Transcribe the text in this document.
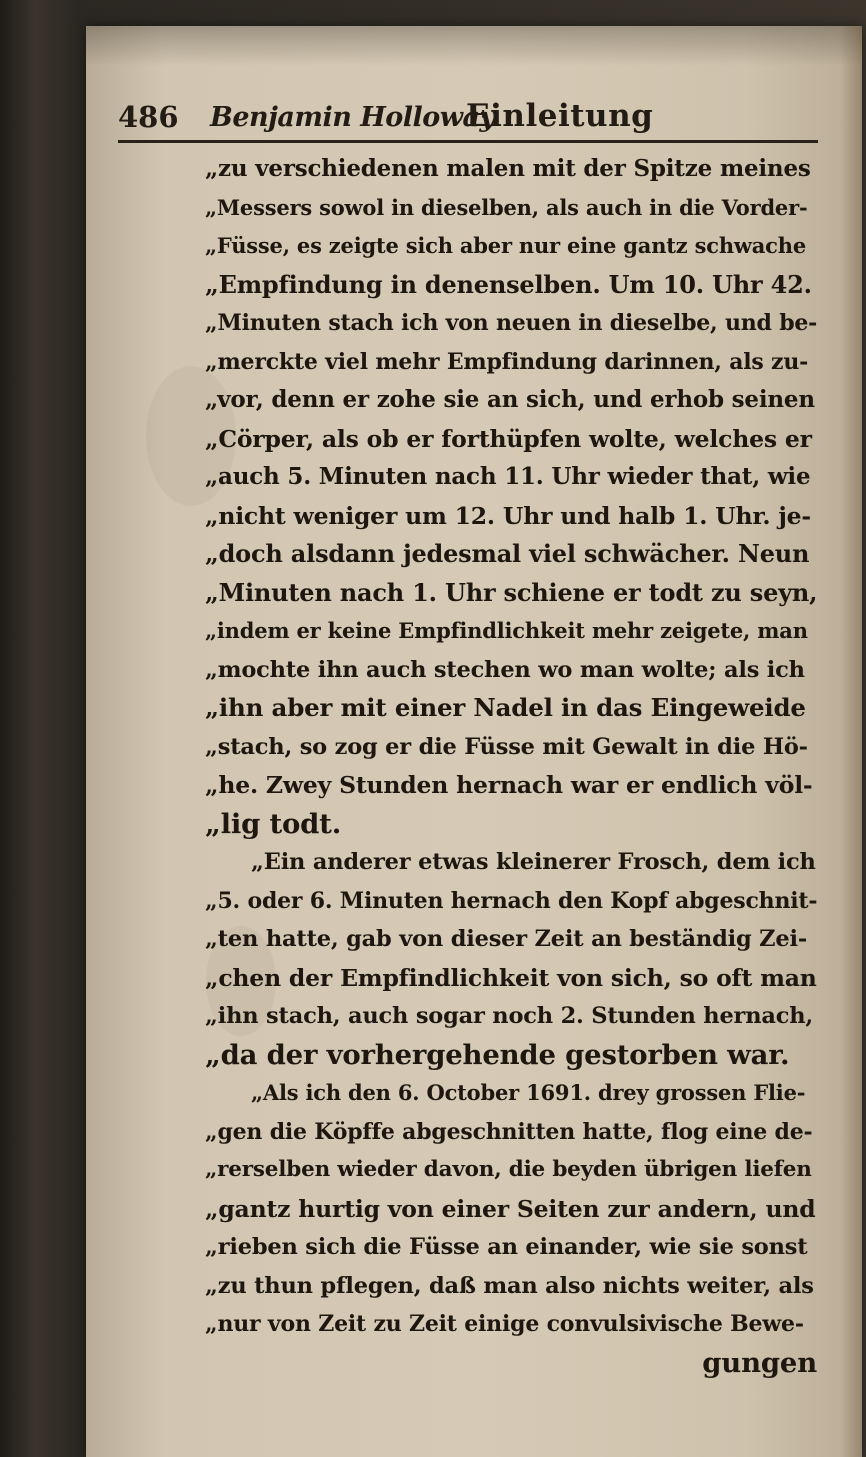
486 Benjamin Holloway
Einleitung
„zu verschiedenen malen mit der Spitze meines
„Messers sowol in dieselben, als auch in die Vorder-
„Füsse, es zeigte sich aber nur eine gantz schwache
„Empfindung in denenselben. Um 10. Uhr 42.
„Minuten stach ich von neuen in dieselbe, und be-
„merckte viel mehr Empfindung darinnen, als zu-
„vor, denn er zohe sie an sich, und erhob seinen
„Cörper, als ob er forthüpfen wolte, welches er
„auch 5. Minuten nach 11. Uhr wieder that, wie
„nicht weniger um 12. Uhr und halb 1. Uhr. je-
„doch alsdann jedesmal viel schwächer. Neun
„Minuten nach 1. Uhr schiene er todt zu seyn,
„indem er keine Empfindlichkeit mehr zeigete, man
„mochte ihn auch stechen wo man wolte; als ich
„ihn aber mit einer Nadel in das Eingeweide
„stach, so zog er die Füsse mit Gewalt in die Hö-
„he. Zwey Stunden hernach war er endlich völ-
„lig todt.
„Ein anderer etwas kleinerer Frosch, dem ich
„5. oder 6. Minuten hernach den Kopf abgeschnit-
„ten hatte, gab von dieser Zeit an beständig Zei-
„chen der Empfindlichkeit von sich, so oft man
„ihn stach, auch sogar noch 2. Stunden hernach,
„da der vorhergehende gestorben war.
„Als ich den 6. October 1691. drey grossen Flie-
„gen die Köpffe abgeschnitten hatte, flog eine de-
„rerselben wieder davon, die beyden übrigen liefen
„gantz hurtig von einer Seiten zur andern, und
„rieben sich die Füsse an einander, wie sie sonst
„zu thun pflegen, daß man also nichts weiter, als
„nur von Zeit zu Zeit einige convulsivische Bewe-
gungen
